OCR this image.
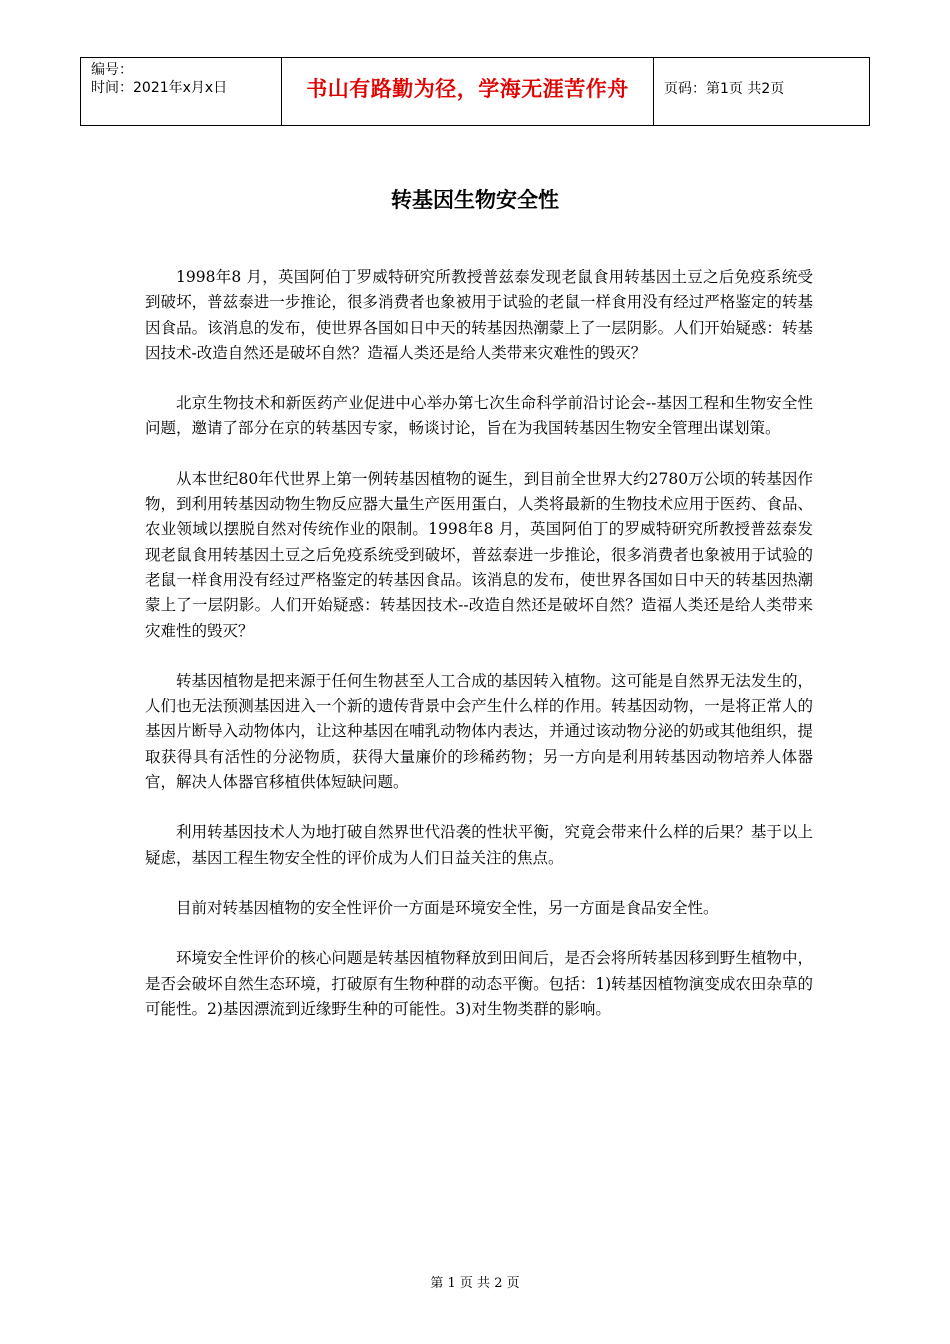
编号：
时间：2021年x月x日	书山有路勤为径，学海无涯苦作舟	页码：第1页 共2页
转基因生物安全性

1998年8 月，英国阿伯丁罗威特研究所教授普兹泰发现老鼠食用转基因土豆之后免疫系统受到破坏，普兹泰进一步推论，很多消费者也象被用于试验的老鼠一样食用没有经过严格鉴定的转基因食品。该消息的发布，使世界各国如日中天的转基因热潮蒙上了一层阴影。人们开始疑惑：转基因技术-改造自然还是破坏自然？造福人类还是给人类带来灾难性的毁灭？

北京生物技术和新医药产业促进中心举办第七次生命科学前沿讨论会--基因工程和生物安全性问题，邀请了部分在京的转基因专家，畅谈讨论，旨在为我国转基因生物安全管理出谋划策。

从本世纪80年代世界上第一例转基因植物的诞生，到目前全世界大约2780万公顷的转基因作物，到利用转基因动物生物反应器大量生产医用蛋白，人类将最新的生物技术应用于医药、食品、农业领域以摆脱自然对传统作业的限制。1998年8 月，英国阿伯丁的罗威特研究所教授普兹泰发现老鼠食用转基因土豆之后免疫系统受到破坏，普兹泰进一步推论，很多消费者也象被用于试验的老鼠一样食用没有经过严格鉴定的转基因食品。该消息的发布，使世界各国如日中天的转基因热潮蒙上了一层阴影。人们开始疑惑：转基因技术--改造自然还是破坏自然？造福人类还是给人类带来灾难性的毁灭？

转基因植物是把来源于任何生物甚至人工合成的基因转入植物。这可能是自然界无法发生的，人们也无法预测基因进入一个新的遗传背景中会产生什么样的作用。转基因动物，一是将正常人的基因片断导入动物体内，让这种基因在哺乳动物体内表达，并通过该动物分泌的奶或其他组织，提取获得具有活性的分泌物质，获得大量廉价的珍稀药物；另一方向是利用转基因动物培养人体器官，解决人体器官移植供体短缺问题。

利用转基因技术人为地打破自然界世代沿袭的性状平衡，究竟会带来什么样的后果？基于以上疑虑，基因工程生物安全性的评价成为人们日益关注的焦点。

目前对转基因植物的安全性评价一方面是环境安全性，另一方面是食品安全性。

环境安全性评价的核心问题是转基因植物释放到田间后，是否会将所转基因移到野生植物中，是否会破坏自然生态环境，打破原有生物种群的动态平衡。包括：1)转基因植物演变成农田杂草的可能性。2)基因漂流到近缘野生种的可能性。3)对生物类群的影响。

第 1 页 共 2 页
